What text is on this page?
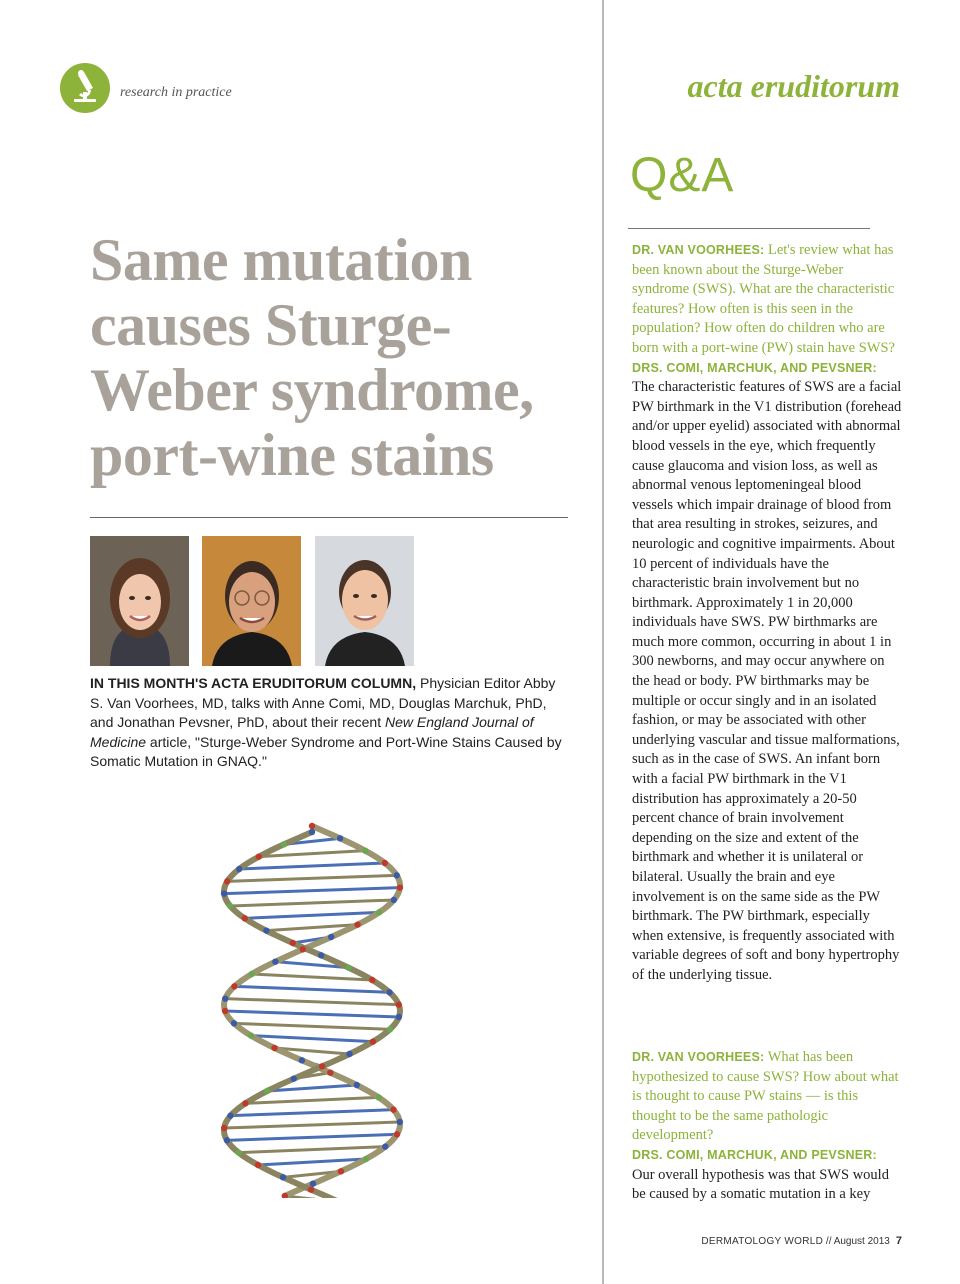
research in practice	acta eruditorum
Same mutation causes Sturge-Weber syndrome, port-wine stains

IN THIS MONTH'S ACTA ERUDITORUM COLUMN, Physician Editor Abby S. Van Voorhees, MD, talks with Anne Comi, MD, Douglas Marchuk, PhD, and Jonathan Pevsner, PhD, about their recent New England Journal of Medicine article, "Sturge-Weber Syndrome and Port-Wine Stains Caused by Somatic Mutation in GNAQ."

Q&A

DR. VAN VOORHEES: Let's review what has been known about the Sturge-Weber syndrome (SWS). What are the characteristic features? How often is this seen in the population? How often do children who are born with a port-wine (PW) stain have SWS?
DRS. COMI, MARCHUK, AND PEVSNER:
The characteristic features of SWS are a facial PW birthmark in the V1 distribution (forehead and/or upper eyelid) associated with abnormal blood vessels in the eye, which frequently cause glaucoma and vision loss, as well as abnormal venous leptomeningeal blood vessels which impair drainage of blood from that area resulting in strokes, seizures, and neurologic and cognitive impairments. About 10 percent of individuals have the characteristic brain involvement but no birthmark. Approximately 1 in 20,000 individuals have SWS. PW birthmarks are much more common, occurring in about 1 in 300 newborns, and may occur anywhere on the head or body. PW birthmarks may be multiple or occur singly and in an isolated fashion, or may be associated with other underlying vascular and tissue malformations, such as in the case of SWS. An infant born with a facial PW birthmark in the V1 distribution has approximately a 20-50 percent chance of brain involvement depending on the size and extent of the birthmark and whether it is unilateral or bilateral. Usually the brain and eye involvement is on the same side as the PW birthmark. The PW birthmark, especially when extensive, is frequently associated with variable degrees of soft and bony hypertrophy of the underlying tissue.

DR. VAN VOORHEES: What has been hypothesized to cause SWS? How about what is thought to cause PW stains — is this thought to be the same pathologic development?
DRS. COMI, MARCHUK, AND PEVSNER: Our overall hypothesis was that SWS would be caused by a somatic mutation in a key

DERMATOLOGY WORLD // August 2013 7
